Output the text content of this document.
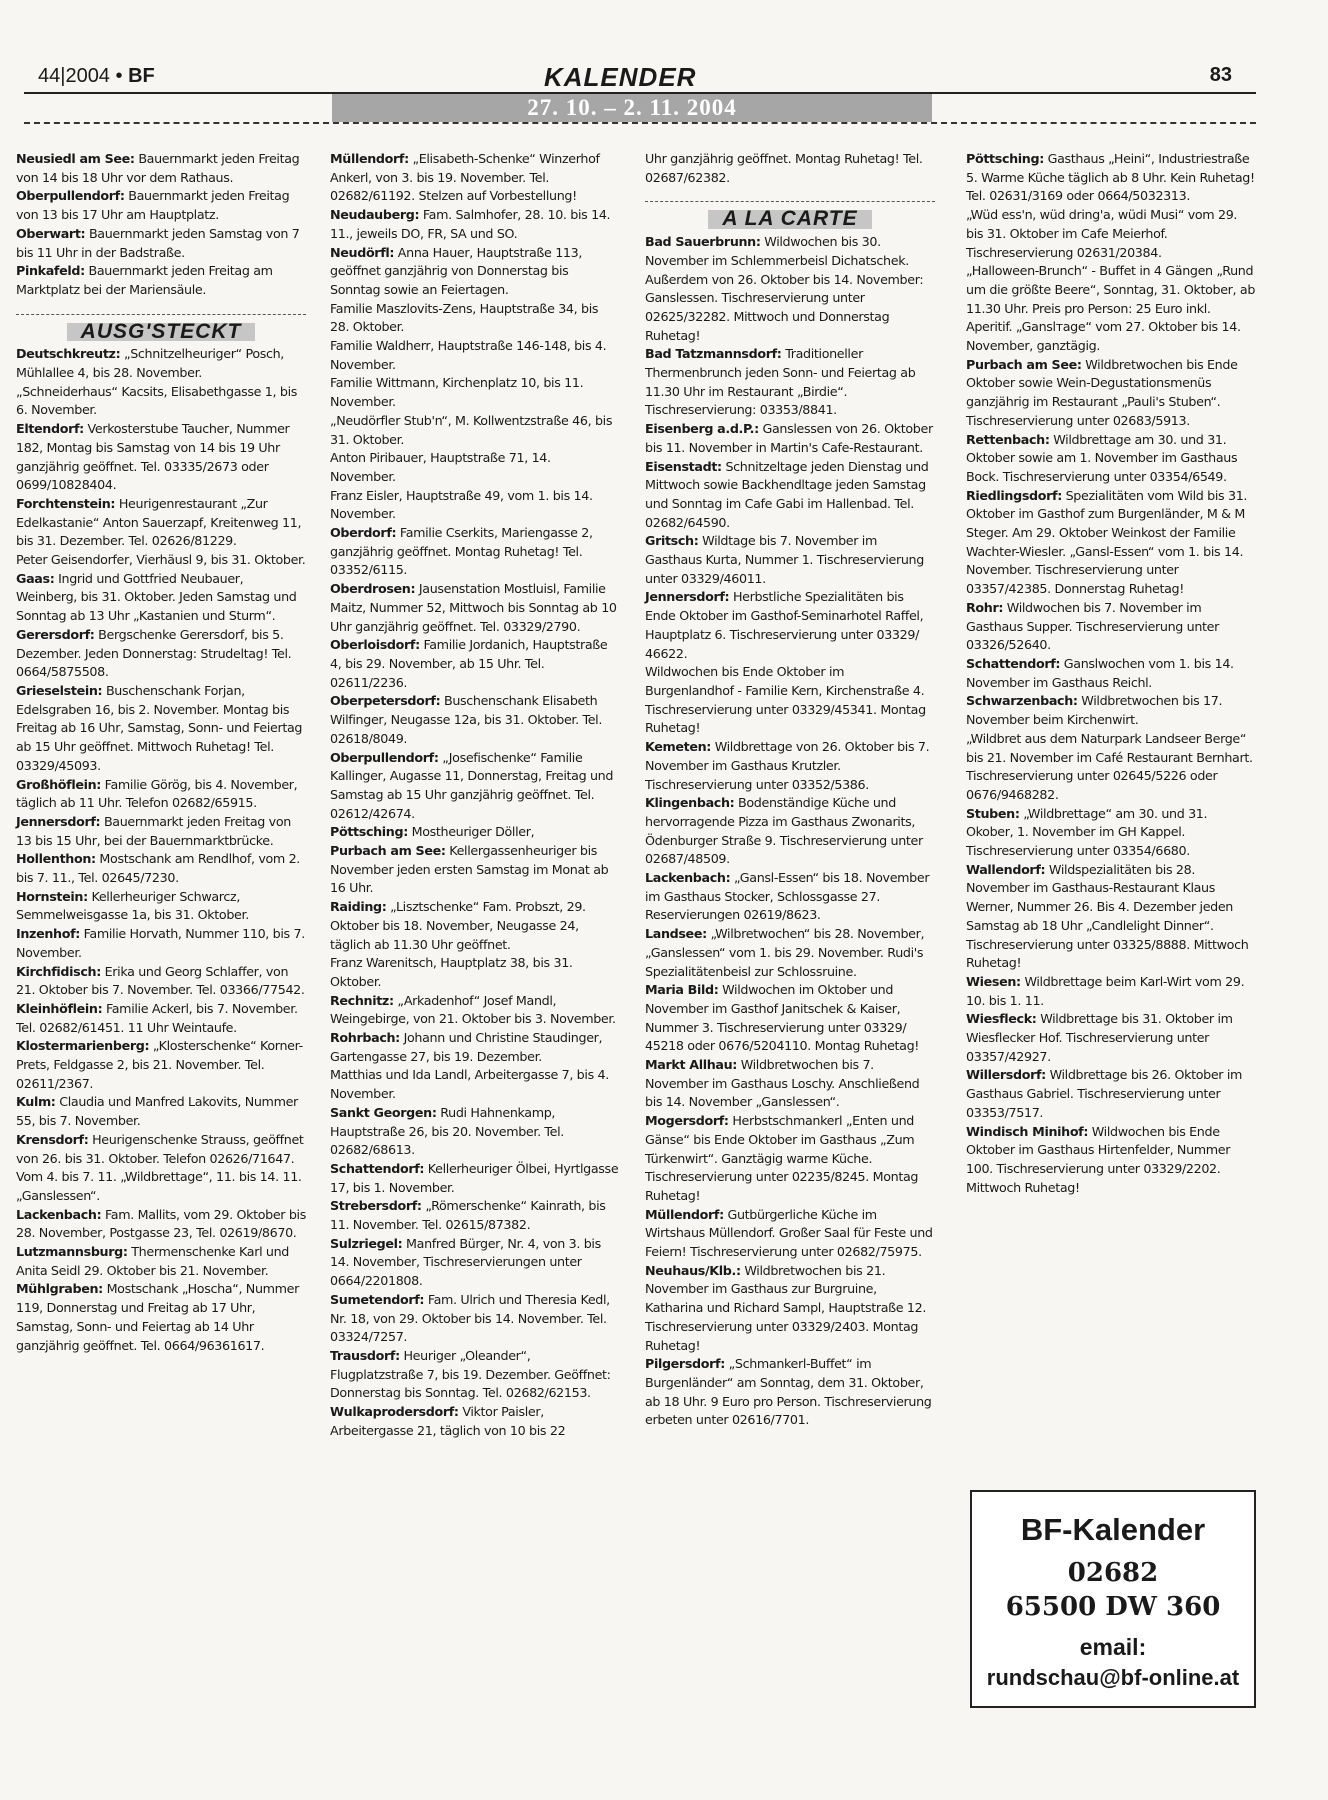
44|2004 • BF	KALENDER	83
27. 10. – 2. 11. 2004

Neusiedl am See: Bauernmarkt jeden Freitag von 14 bis 18 Uhr vor dem Rathaus.

Oberpullendorf: Bauernmarkt jeden Freitag von 13 bis 17 Uhr am Hauptplatz.

Oberwart: Bauernmarkt jeden Samstag von 7 bis 11 Uhr in der Badstraße.

Pinkafeld: Bauernmarkt jeden Freitag am Marktplatz bei der Mariensäule.

AUSG'STECKT

Deutschkreutz: „Schnitzelheuriger“ Posch, Mühlallee 4, bis 28. November.

„Schneiderhaus“ Kacsits, Elisabethgasse 1, bis 6. November.

Eltendorf: Verkosterstube Taucher, Nummer 182, Montag bis Samstag von 14 bis 19 Uhr ganzjährig geöffnet. Tel. 03335/2673 oder 0699/10828404.

Forchtenstein: Heurigenrestaurant „Zur Edelkastanie“ Anton Sauerzapf, Kreitenweg 11, bis 31. Dezember. Tel. 02626/81229.

Peter Geisendorfer, Vierhäusl 9, bis 31. Oktober.

Gaas: Ingrid und Gottfried Neubauer, Weinberg, bis 31. Oktober. Jeden Samstag und Sonntag ab 13 Uhr „Kastanien und Sturm“.

Gerersdorf: Bergschenke Gerersdorf, bis 5. Dezember. Jeden Donnerstag: Strudeltag! Tel. 0664/5875508.

Grieselstein: Buschenschank Forjan, Edelsgraben 16, bis 2. November. Montag bis Freitag ab 16 Uhr, Samstag, Sonn- und Feiertag ab 15 Uhr geöffnet. Mittwoch Ruhetag! Tel. 03329/45093.

Großhöflein: Familie Görög, bis 4. November, täglich ab 11 Uhr. Telefon 02682/65915.

Jennersdorf: Bauernmarkt jeden Freitag von 13 bis 15 Uhr, bei der Bauernmarktbrücke.

Hollenthon: Mostschank am Rendlhof, vom 2. bis 7. 11., Tel. 02645/7230.

Hornstein: Kellerheuriger Schwarcz, Semmelweisgasse 1a, bis 31. Oktober.

Inzenhof: Familie Horvath, Nummer 110, bis 7. November.

Kirchfidisch: Erika und Georg Schlaffer, von 21. Oktober bis 7. November. Tel. 03366/77542.

Kleinhöflein: Familie Ackerl, bis 7. November. Tel. 02682/61451. 11 Uhr Weintaufe.

Klostermarienberg: „Klosterschenke“ Korner-Prets, Feldgasse 2, bis 21. November. Tel. 02611/2367.

Kulm: Claudia und Manfred Lakovits, Nummer 55, bis 7. November.

Krensdorf: Heurigenschenke Strauss, geöffnet von 26. bis 31. Oktober. Telefon 02626/71647. Vom 4. bis 7. 11. „Wildbrettage“, 11. bis 14. 11. „Ganslessen“.

Lackenbach: Fam. Mallits, vom 29. Oktober bis 28. November, Postgasse 23, Tel. 02619/8670.

Lutzmannsburg: Thermenschenke Karl und Anita Seidl 29. Oktober bis 21. November.

Mühlgraben: Mostschank „Hoscha“, Nummer 119, Donnerstag und Freitag ab 17 Uhr, Samstag, Sonn- und Feiertag ab 14 Uhr ganzjährig geöffnet. Tel. 0664/96361617.

Müllendorf: „Elisabeth-Schenke“ Winzerhof Ankerl, von 3. bis 19. November. Tel. 02682/61192. Stelzen auf Vorbestellung!

Neudauberg: Fam. Salmhofer, 28. 10. bis 14. 11., jeweils DO, FR, SA und SO.

Neudörfl: Anna Hauer, Hauptstraße 113, geöffnet ganzjährig von Donnerstag bis Sonntag sowie an Feiertagen.

Familie Maszlovits-Zens, Hauptstraße 34, bis 28. Oktober.

Familie Waldherr, Hauptstraße 146-148, bis 4. November.

Familie Wittmann, Kirchenplatz 10, bis 11. November.

„Neudörfler Stub'n“, M. Kollwentzstraße 46, bis 31. Oktober.

Anton Piribauer, Hauptstraße 71, 14. November.

Franz Eisler, Hauptstraße 49, vom 1. bis 14. November.

Oberdorf: Familie Cserkits, Mariengasse 2, ganzjährig geöffnet. Montag Ruhetag! Tel. 03352/6115.

Oberdrosen: Jausenstation Mostluisl, Familie Maitz, Nummer 52, Mittwoch bis Sonntag ab 10 Uhr ganzjährig geöffnet. Tel. 03329/2790.

Oberloisdorf: Familie Jordanich, Hauptstraße 4, bis 29. November, ab 15 Uhr. Tel. 02611/2236.

Oberpetersdorf: Buschenschank Elisabeth Wilfinger, Neugasse 12a, bis 31. Oktober. Tel. 02618/8049.

Oberpullendorf: „Josefischenke“ Familie Kallinger, Augasse 11, Donnerstag, Freitag und Samstag ab 15 Uhr ganzjährig geöffnet. Tel. 02612/42674.

Pöttsching: Mostheuriger Döller,

Purbach am See: Kellergassenheuriger bis November jeden ersten Samstag im Monat ab 16 Uhr.

Raiding: „Lisztschenke“ Fam. Probszt, 29. Oktober bis 18. November, Neugasse 24, täglich ab 11.30 Uhr geöffnet.

Franz Warenitsch, Hauptplatz 38, bis 31. Oktober.

Rechnitz: „Arkadenhof“ Josef Mandl, Weingebirge, von 21. Oktober bis 3. November.

Rohrbach: Johann und Christine Staudinger, Gartengasse 27, bis 19. Dezember.

Matthias und Ida Landl, Arbeitergasse 7, bis 4. November.

Sankt Georgen: Rudi Hahnenkamp, Hauptstraße 26, bis 20. November. Tel. 02682/68613.

Schattendorf: Kellerheuriger Ölbei, Hyrtlgasse 17, bis 1. November.

Strebersdorf: „Römerschenke“ Kainrath, bis 11. November. Tel. 02615/87382.

Sulzriegel: Manfred Bürger, Nr. 4, von 3. bis 14. November, Tischreservierungen unter 0664/2201808.

Sumetendorf: Fam. Ulrich und Theresia Kedl, Nr. 18, von 29. Oktober bis 14. November. Tel. 03324/7257.

Trausdorf: Heuriger „Oleander“, Flugplatzstraße 7, bis 19. Dezember. Geöffnet: Donnerstag bis Sonntag. Tel. 02682/62153.

Wulkaprodersdorf: Viktor Paisler, Arbeitergasse 21, täglich von 10 bis 22

Uhr ganzjährig geöffnet. Montag Ruhetag! Tel. 02687/62382.

A LA CARTE

Bad Sauerbrunn: Wildwochen bis 30. November im Schlemmerbeisl Dichatschek. Außerdem von 26. Oktober bis 14. November: Ganslessen. Tischreservierung unter 02625/32282. Mittwoch und Donnerstag Ruhetag!

Bad Tatzmannsdorf: Traditioneller Thermenbrunch jeden Sonn- und Feiertag ab 11.30 Uhr im Restaurant „Birdie“. Tischreservierung: 03353/8841.

Eisenberg a.d.P.: Ganslessen von 26. Oktober bis 11. November in Martin's Cafe-Restaurant.

Eisenstadt: Schnitzeltage jeden Dienstag und Mittwoch sowie Backhendltage jeden Samstag und Sonntag im Cafe Gabi im Hallenbad. Tel. 02682/64590.

Gritsch: Wildtage bis 7. November im Gasthaus Kurta, Nummer 1. Tischreservierung unter 03329/46011.

Jennersdorf: Herbstliche Spezialitäten bis Ende Oktober im Gasthof-Seminarhotel Raffel, Hauptplatz 6. Tischreservierung unter 03329/ 46622.

Wildwochen bis Ende Oktober im Burgenlandhof - Familie Kern, Kirchenstraße 4. Tischreservierung unter 03329/45341. Montag Ruhetag!

Kemeten: Wildbrettage von 26. Oktober bis 7. November im Gasthaus Krutzler. Tischreservierung unter 03352/5386.

Klingenbach: Bodenständige Küche und hervorragende Pizza im Gasthaus Zwonarits, Ödenburger Straße 9. Tischreservierung unter 02687/48509.

Lackenbach: „Gansl-Essen“ bis 18. November im Gasthaus Stocker, Schlossgasse 27. Reservierungen 02619/8623.

Landsee: „Wilbretwochen“ bis 28. November, „Ganslessen“ vom 1. bis 29. November. Rudi's Spezialitätenbeisl zur Schlossruine.

Maria Bild: Wildwochen im Oktober und November im Gasthof Janitschek & Kaiser, Nummer 3. Tischreservierung unter 03329/ 45218 oder 0676/5204110. Montag Ruhetag!

Markt Allhau: Wildbretwochen bis 7. November im Gasthaus Loschy. Anschließend bis 14. November „Ganslessen“.

Mogersdorf: Herbstschmankerl „Enten und Gänse“ bis Ende Oktober im Gasthaus „Zum Türkenwirt“. Ganztägig warme Küche. Tischreservierung unter 02235/8245. Montag Ruhetag!

Müllendorf: Gutbürgerliche Küche im Wirtshaus Müllendorf. Großer Saal für Feste und Feiern! Tischreservierung unter 02682/75975.

Neuhaus/Klb.: Wildbretwochen bis 21. November im Gasthaus zur Burgruine, Katharina und Richard Sampl, Hauptstraße 12. Tischreservierung unter 03329/2403. Montag Ruhetag!

Pilgersdorf: „Schmankerl-Buffet“ im Burgenländer“ am Sonntag, dem 31. Oktober, ab 18 Uhr. 9 Euro pro Person. Tischreservierung erbeten unter 02616/7701.

Pöttsching: Gasthaus „Heini“, Industriestraße 5. Warme Küche täglich ab 8 Uhr. Kein Ruhetag! Tel. 02631/3169 oder 0664/5032313.

„Wüd ess'n, wüd dring'a, wüdi Musi“ vom 29. bis 31. Oktober im Cafe Meierhof. Tischreservierung 02631/20384.

„Halloween-Brunch“ - Buffet in 4 Gängen „Rund um die größte Beere“, Sonntag, 31. Oktober, ab 11.30 Uhr. Preis pro Person: 25 Euro inkl. Aperitif. „Ganslтage“ vom 27. Oktober bis 14. November, ganztägig.

Purbach am See: Wildbretwochen bis Ende Oktober sowie Wein-Degustationsmenüs ganzjährig im Restaurant „Pauli's Stuben“. Tischreservierung unter 02683/5913.

Rettenbach: Wildbrettage am 30. und 31. Oktober sowie am 1. November im Gasthaus Bock. Tischreservierung unter 03354/6549.

Riedlingsdorf: Spezialitäten vom Wild bis 31. Oktober im Gasthof zum Burgenländer, M & M Steger. Am 29. Oktober Weinkost der Familie Wachter-Wiesler. „Gansl-Essen“ vom 1. bis 14. November. Tischreservierung unter 03357/42385. Donnerstag Ruhetag!

Rohr: Wildwochen bis 7. November im Gasthaus Supper. Tischreservierung unter 03326/52640.

Schattendorf: Ganslwochen vom 1. bis 14. November im Gasthaus Reichl.

Schwarzenbach: Wildbretwochen bis 17. November beim Kirchenwirt.

„Wildbret aus dem Naturpark Landseer Berge“ bis 21. November im Café Restaurant Bernhart. Tischreservierung unter 02645/5226 oder 0676/9468282.

Stuben: „Wildbrettage“ am 30. und 31. Okober, 1. November im GH Kappel. Tischreservierung unter 03354/6680.

Wallendorf: Wildspezialitäten bis 28. November im Gasthaus-Restaurant Klaus Werner, Nummer 26. Bis 4. Dezember jeden Samstag ab 18 Uhr „Candlelight Dinner“. Tischreservierung unter 03325/8888. Mittwoch Ruhetag!

Wiesen: Wildbrettage beim Karl-Wirt vom 29. 10. bis 1. 11.

Wiesfleck: Wildbrettage bis 31. Oktober im Wiesflecker Hof. Tischreservierung unter 03357/42927.

Willersdorf: Wildbrettage bis 26. Oktober im Gasthaus Gabriel. Tischreservierung unter 03353/7517.

Windisch Minihof: Wildwochen bis Ende Oktober im Gasthaus Hirtenfelder, Nummer 100. Tischreservierung unter 03329/2202. Mittwoch Ruhetag!

BF-Kalender
02682
65500 DW 360
email:
rundschau@bf-online.at
